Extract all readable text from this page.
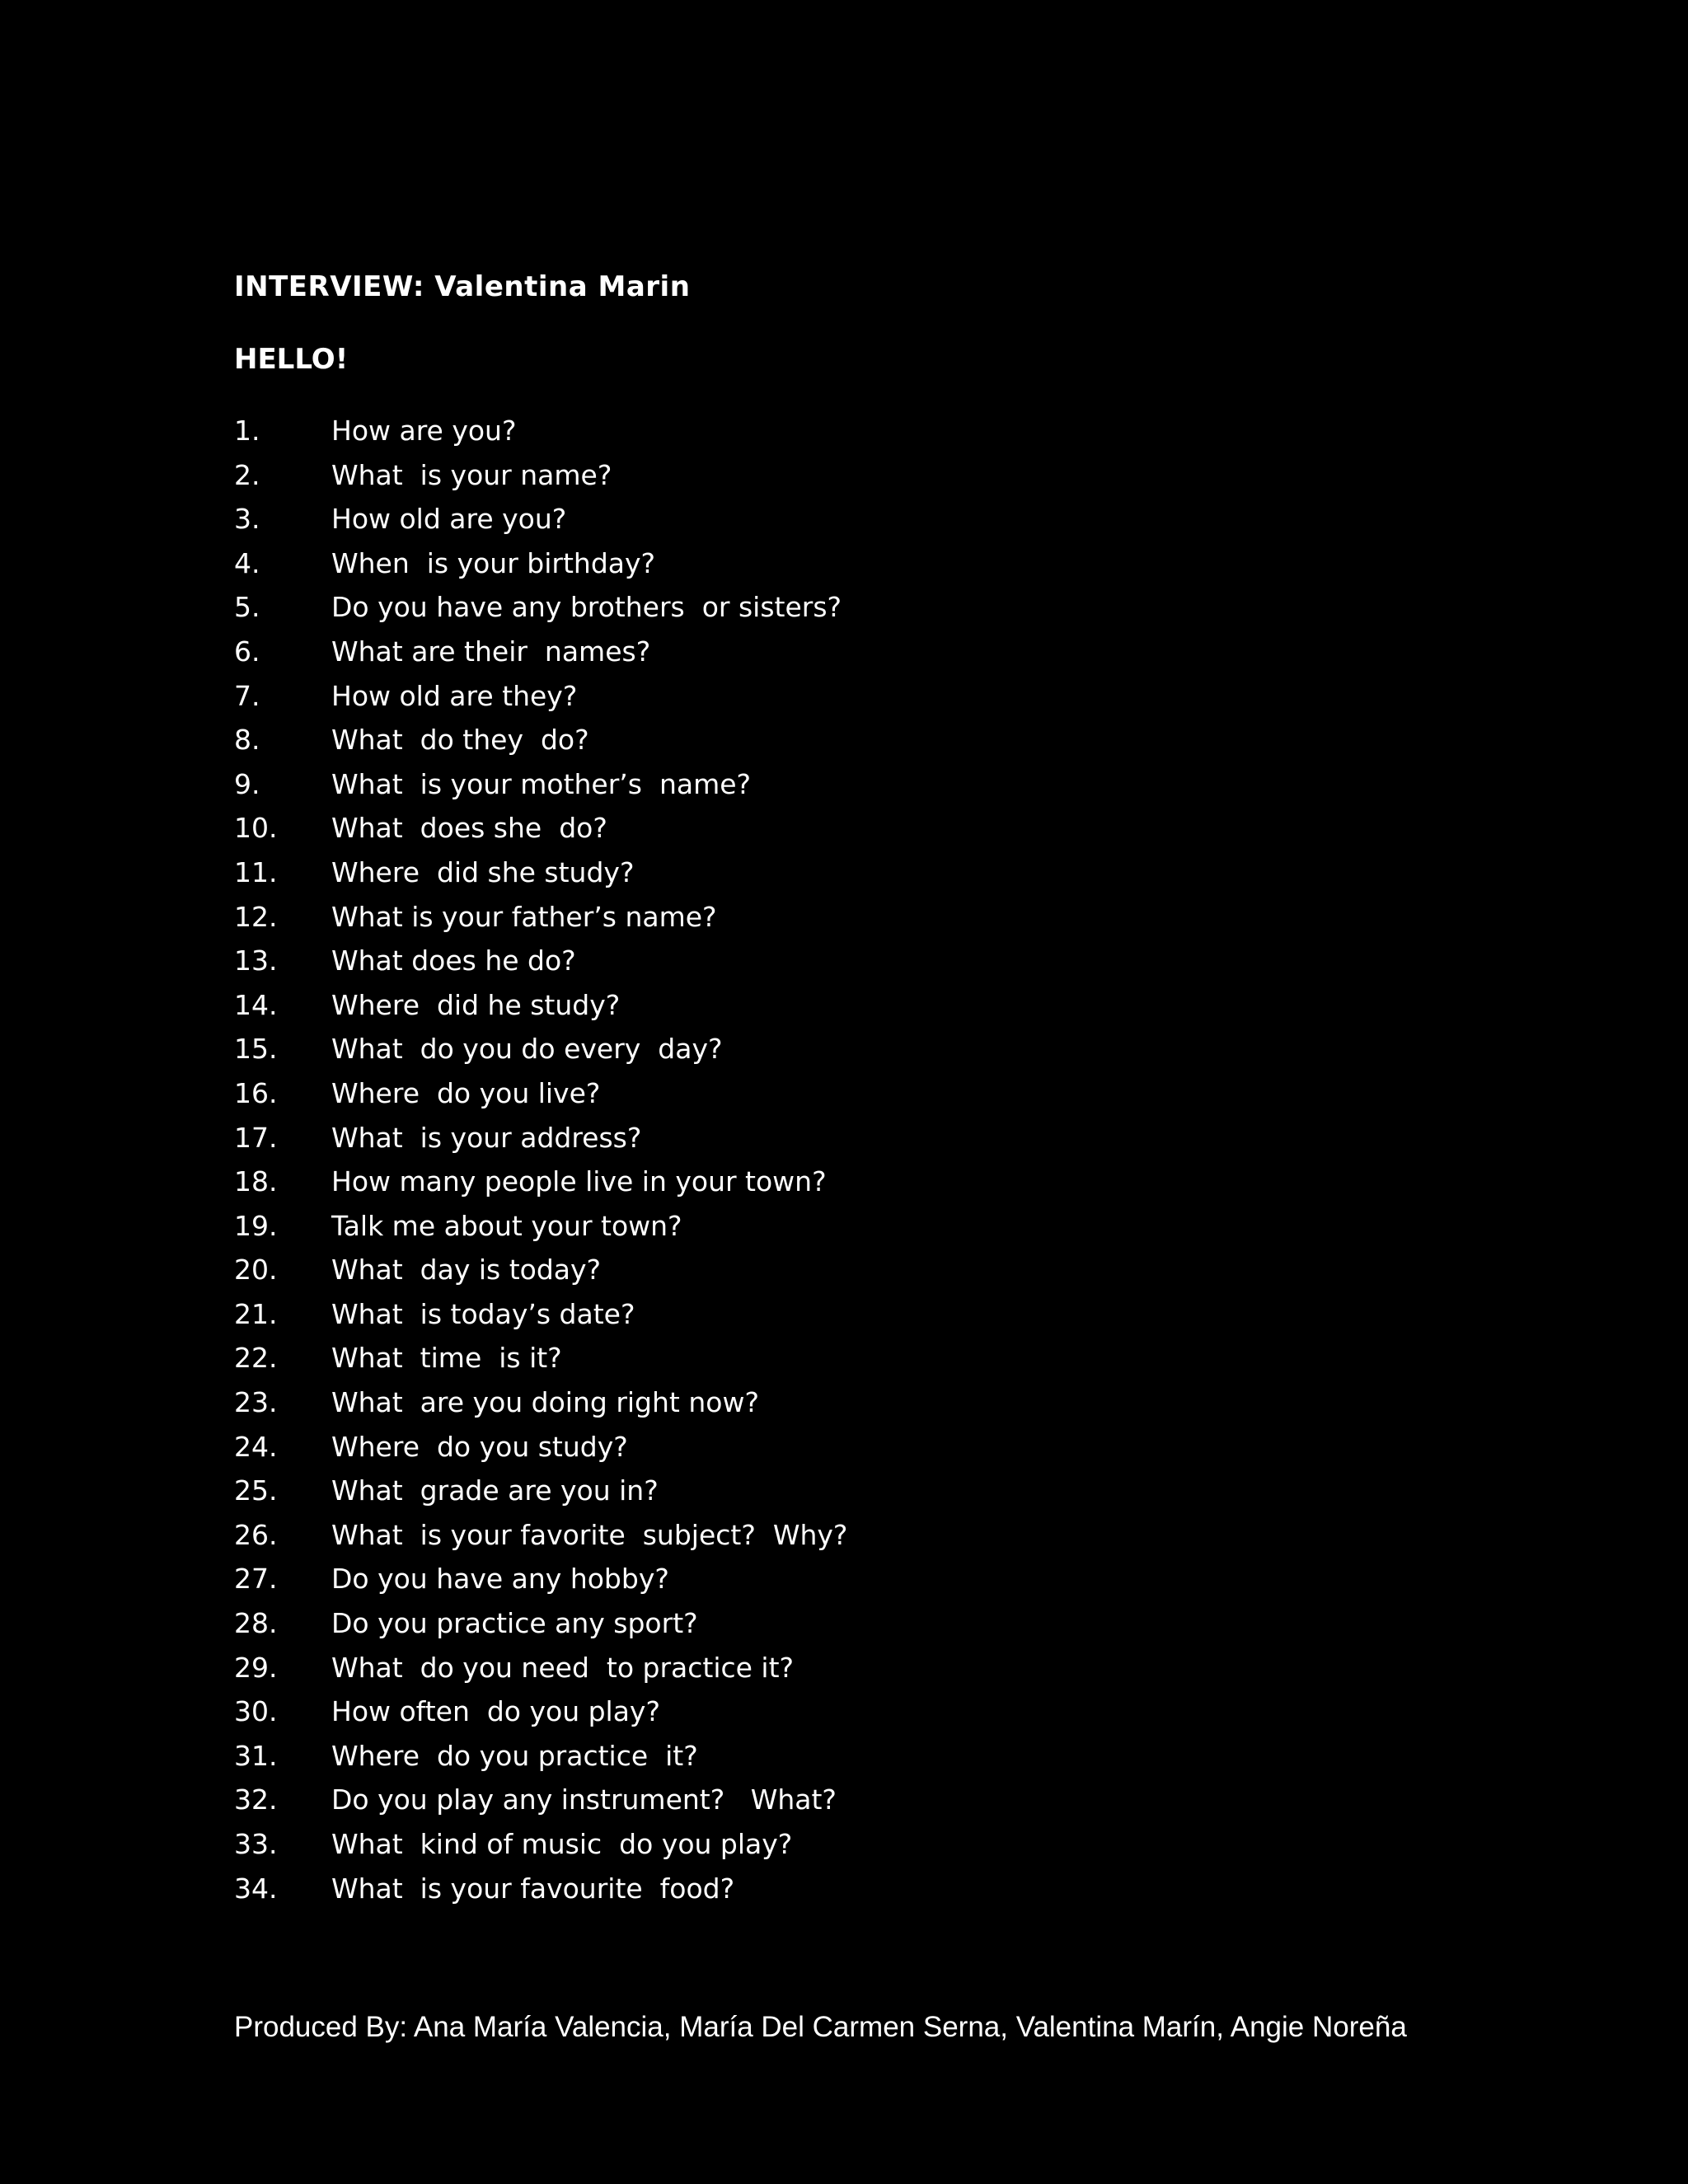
INTERVIEW: Valentina Marin
HELLO!
1.	How are you?
2.	What  is your name?
3.	How old are you?
4.	When  is your birthday?
5.	Do you have any brothers  or sisters?
6.	What are their  names?
7.	How old are they?
8.	What  do they  do?
9.	What  is your mother’s  name?
10.	What  does she  do?
11.	Where  did she study?
12.	What is your father’s name?
13.	What does he do?
14.	Where  did he study?
15.	What  do you do every  day?
16.	Where  do you live?
17.	What  is your address?
18.	How many people live in your town?
19.	Talk me about your town?
20.	What  day is today?
21.	What  is today’s date?
22.	What  time  is it?
23.	What  are you doing right now?
24.	Where  do you study?
25.	What  grade are you in?
26.	What  is your favorite  subject?  Why?
27.	Do you have any hobby?
28.	Do you practice any sport?
29.	What  do you need  to practice it?
30.	How often  do you play?
31.	Where  do you practice  it?
32.	Do you play any instrument?   What?
33.	What  kind of music  do you play?
34.	What  is your favourite  food?
Produced By: Ana María Valencia, María Del Carmen Serna, Valentina Marín, Angie Noreña
